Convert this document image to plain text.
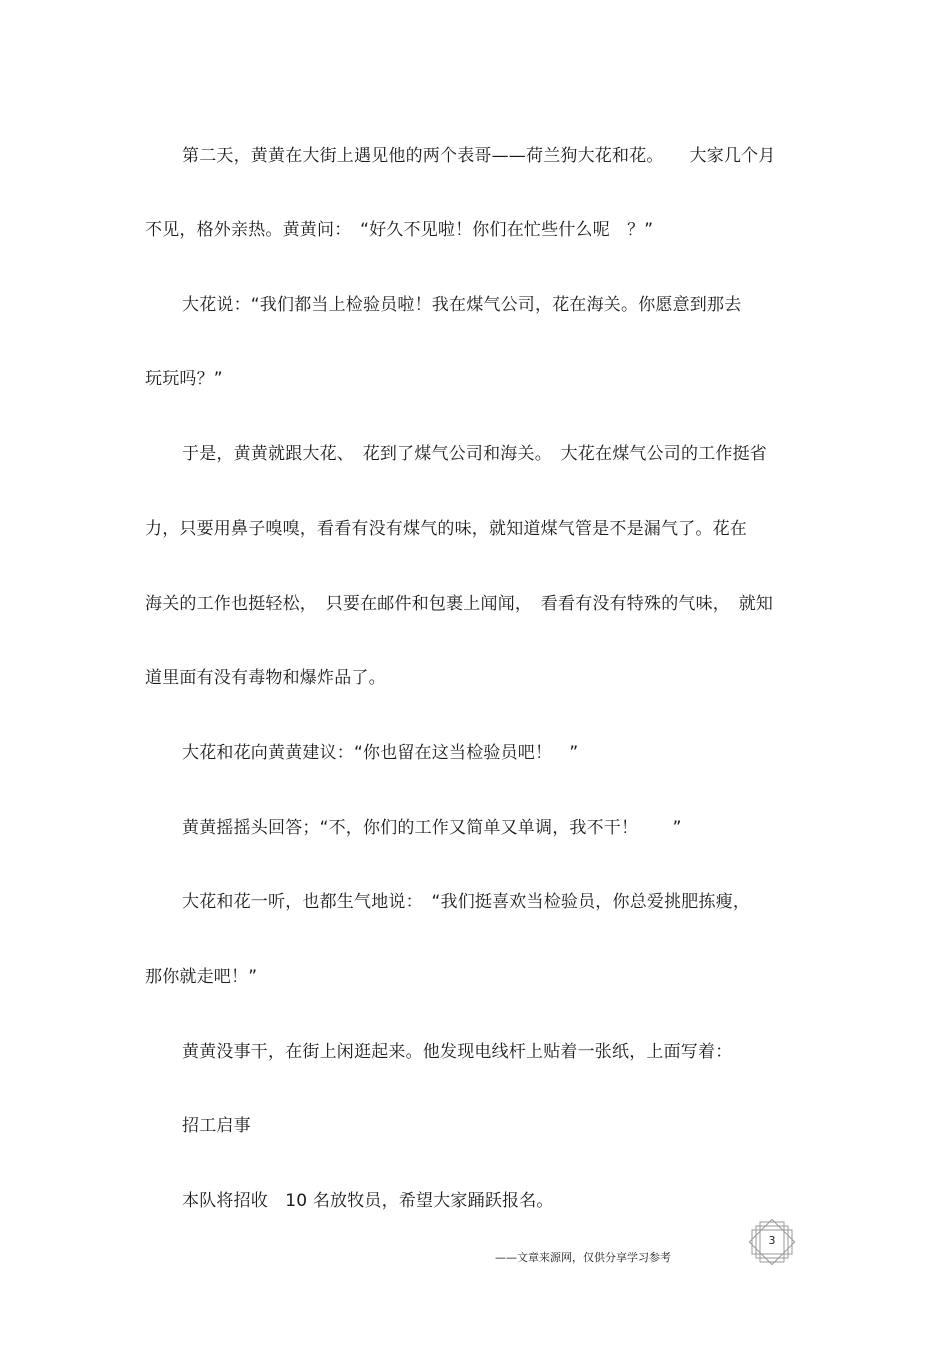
第二天，黄黄在大街上遇见他的两个表哥——荷兰狗大花和花。　　大家几个月
不见，格外亲热。黄黄问：　“好久不见啦！你们在忙些什么呢　？”
大花说：“我们都当上检验员啦！我在煤气公司，花在海关。你愿意到那去
玩玩吗？”
于是，黄黄就跟大花、　花到了煤气公司和海关。　大花在煤气公司的工作挺省
力，只要用鼻子嗅嗅，看看有没有煤气的味，就知道煤气管是不是漏气了。花在
海关的工作也挺轻松，　只要在邮件和包裹上闻闻，　看看有没有特殊的气味，　就知
道里面有没有毒物和爆炸品了。
大花和花向黄黄建议：“你也留在这当检验员吧！　”
黄黄摇摇头回答；“不，你们的工作又简单又单调，我不干！　　”
大花和花一听，也都生气地说：　“我们挺喜欢当检验员，你总爱挑肥拣瘦，
那你就走吧！”
黄黄没事干，在街上闲逛起来。他发现电线杆上贴着一张纸，上面写着：
招工启事
本队将招收　10 名放牧员，希望大家踊跃报名。
——文章来源网，仅供分享学习参考
3
